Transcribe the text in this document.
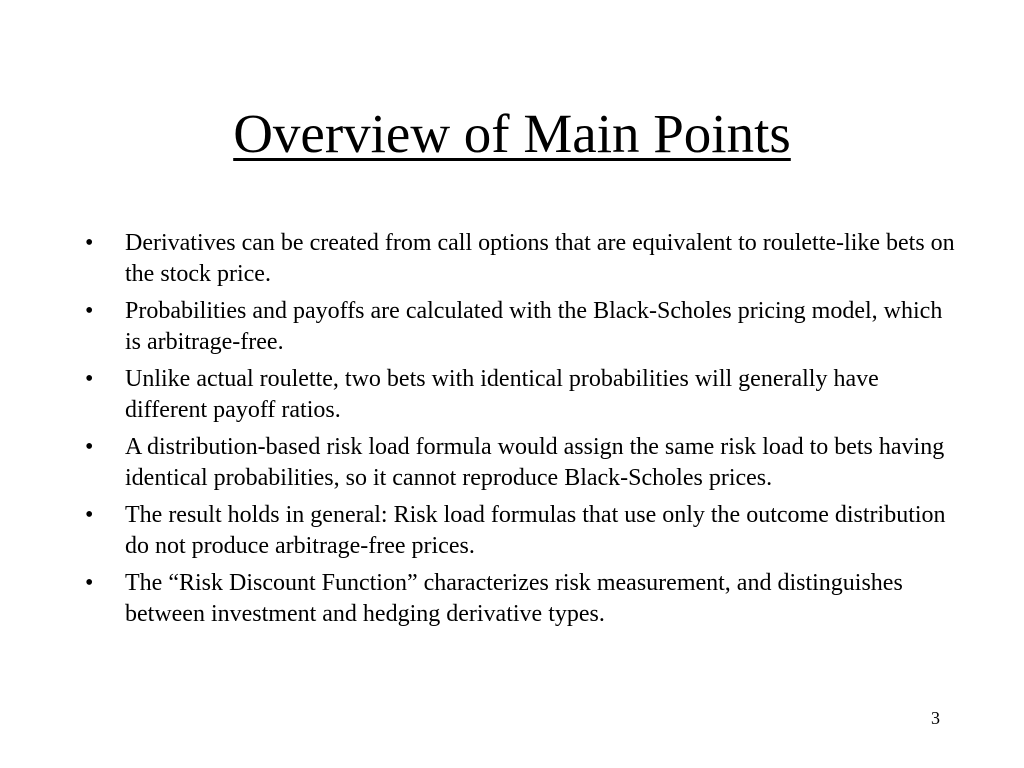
Overview of Main Points
• Derivatives can be created from call options that are equivalent to roulette-like bets on the stock price.
• Probabilities and payoffs are calculated with the Black-Scholes pricing model, which is arbitrage-free.
• Unlike actual roulette, two bets with identical probabilities will generally have different payoff ratios.
• A distribution-based risk load formula would assign the same risk load to bets having identical probabilities, so it cannot reproduce Black-Scholes prices.
• The result holds in general: Risk load formulas that use only the outcome distribution do not produce arbitrage-free prices.
• The “Risk Discount Function” characterizes risk measurement, and distinguishes between investment and hedging derivative types.
3
